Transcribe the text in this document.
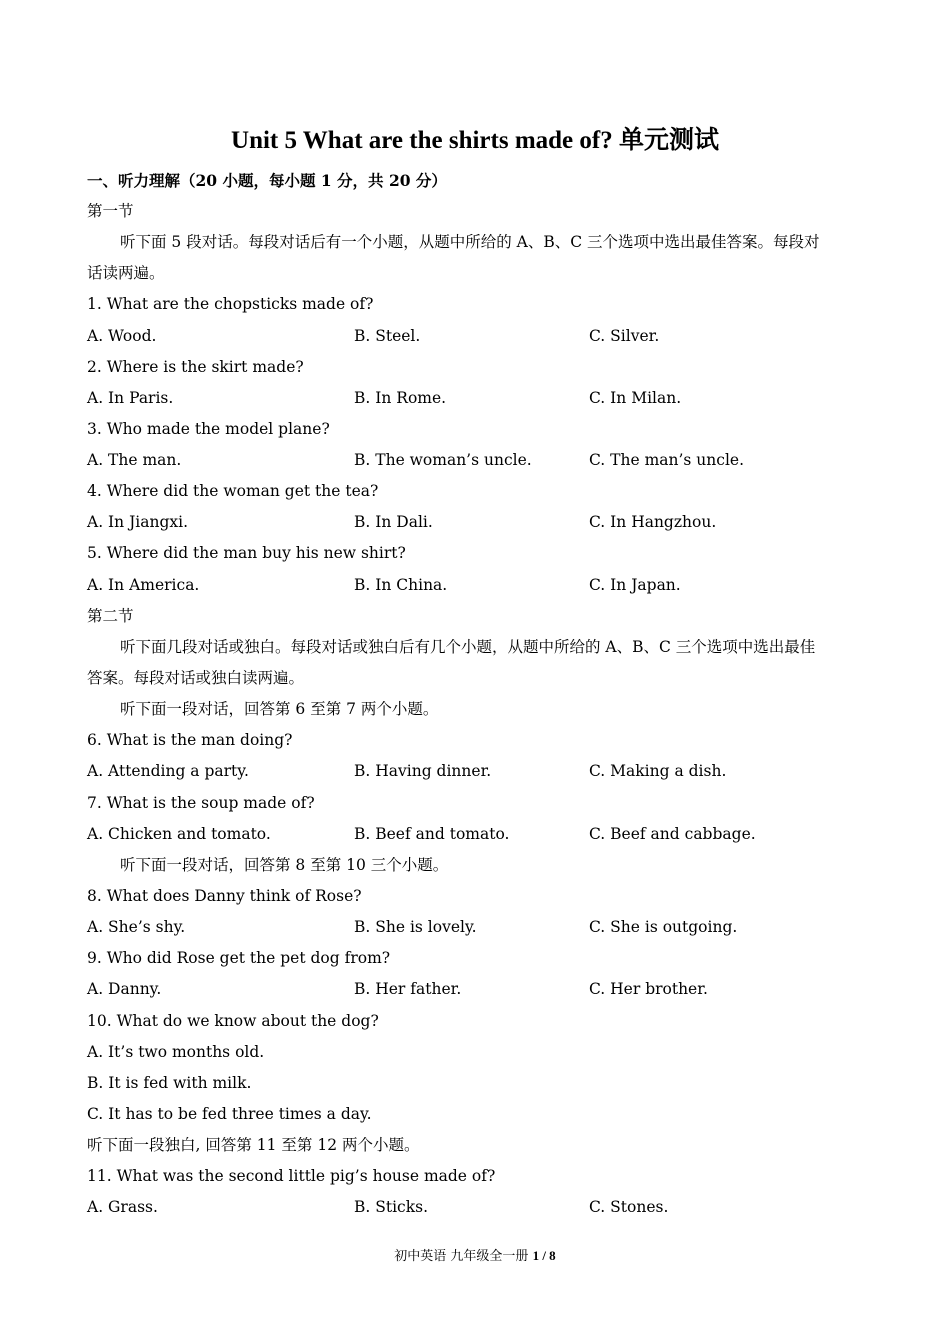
Unit 5 What are the shirts made of? 单元测试
一、听力理解（20 小题，每小题 1 分，共 20 分）
第一节
听下面 5 段对话。每段对话后有一个小题，从题中所给的 A、B、C 三个选项中选出最佳答案。每段对
话读两遍。
1. What are the chopsticks made of?
A. Wood.	B. Steel.	C. Silver.
2. Where is the skirt made?
A. In Paris.	B. In Rome.	C. In Milan.
3. Who made the model plane?
A. The man.	B. The woman’s uncle.	C. The man’s uncle.
4. Where did the woman get the tea?
A. In Jiangxi.	B. In Dali.	C. In Hangzhou.
5. Where did the man buy his new shirt?
A. In America.	B. In China.	C. In Japan.
第二节
听下面几段对话或独白。每段对话或独白后有几个小题，从题中所给的 A、B、C 三个选项中选出最佳
答案。每段对话或独白读两遍。
听下面一段对话，回答第 6 至第 7 两个小题。
6. What is the man doing?
A. Attending a party.	B. Having dinner.	C. Making a dish.
7. What is the soup made of?
A. Chicken and tomato.	B. Beef and tomato.	C. Beef and cabbage.
听下面一段对话，回答第 8 至第 10 三个小题。
8. What does Danny think of Rose?
A. She’s shy.	B. She is lovely.	C. She is outgoing.
9. Who did Rose get the pet dog from?
A. Danny.	B. Her father.	C. Her brother.
10. What do we know about the dog?
A. It’s two months old.
B. It is fed with milk.
C. It has to be fed three times a day.
听下面一段独白, 回答第 11 至第 12 两个小题。
11. What was the second little pig’s house made of?
A. Grass.	B. Sticks.	C. Stones.
初中英语 九年级全一册 1 / 8
